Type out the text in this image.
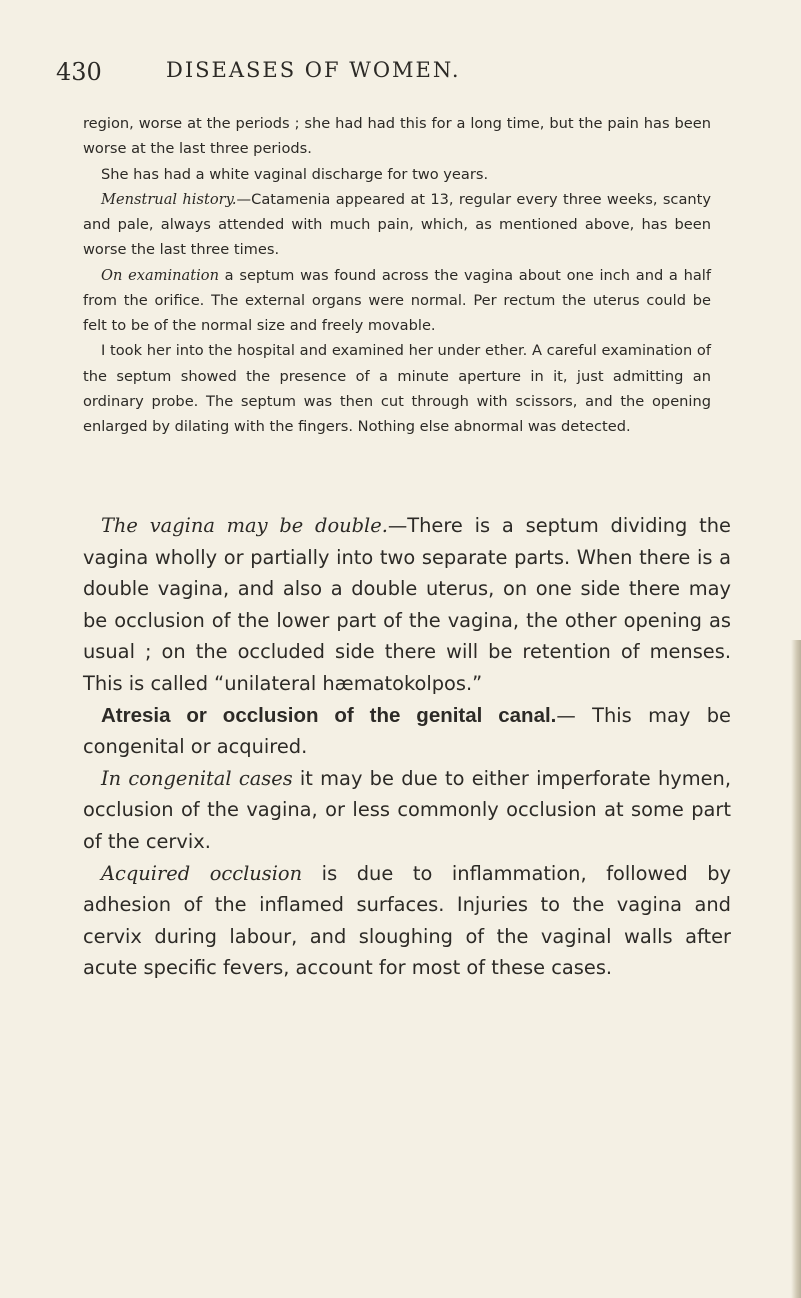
430	DISEASES OF WOMEN.

region, worse at the periods ; she had had this for a long time, but the pain has been worse at the last three periods.

She has had a white vaginal discharge for two years.

Menstrual history.—Catamenia appeared at 13, regular every three weeks, scanty and pale, always attended with much pain, which, as mentioned above, has been worse the last three times.

On examination a septum was found across the vagina about one inch and a half from the orifice. The external organs were normal. Per rectum the uterus could be felt to be of the normal size and freely movable.

I took her into the hospital and examined her under ether. A careful examination of the septum showed the presence of a minute aperture in it, just admitting an ordinary probe. The septum was then cut through with scissors, and the opening enlarged by dilating with the fingers. Nothing else abnormal was detected.

The vagina may be double.—There is a septum dividing the vagina wholly or partially into two separate parts. When there is a double vagina, and also a double uterus, on one side there may be occlusion of the lower part of the vagina, the other opening as usual ; on the occluded side there will be retention of menses. This is called “unilateral hæmatokolpos.”

Atresia or occlusion of the genital canal.— This may be congenital or acquired.

In congenital cases it may be due to either imperforate hymen, occlusion of the vagina, or less commonly occlusion at some part of the cervix.

Acquired occlusion is due to inflammation, followed by adhesion of the inflamed surfaces. Injuries to the vagina and cervix during labour, and sloughing of the vaginal walls after acute specific fevers, account for most of these cases.
